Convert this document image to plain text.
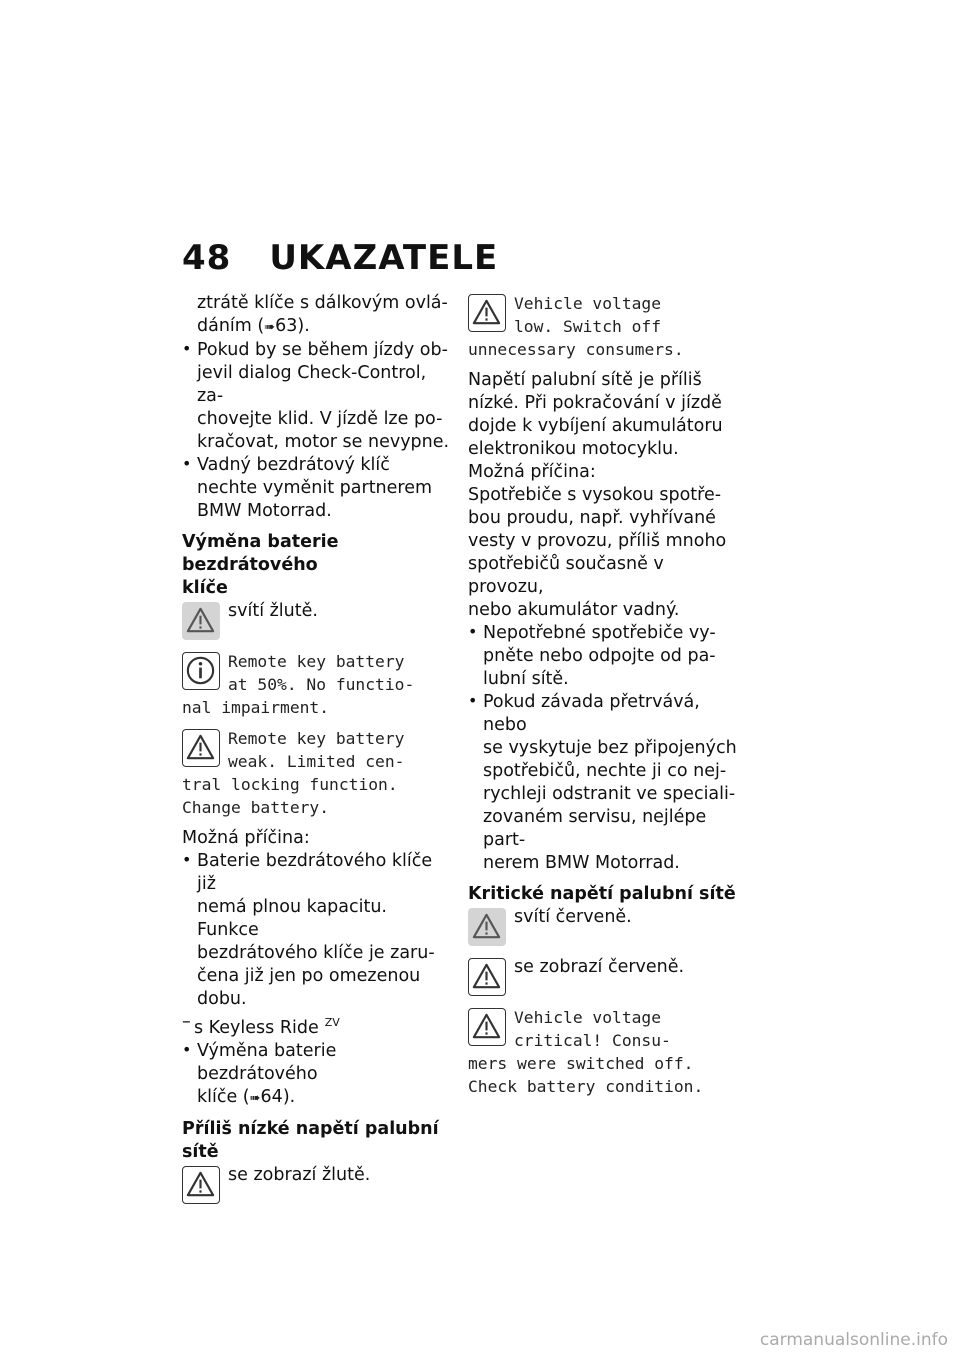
48 UKAZATELE

ztrátě klíče s dálkovým ovlá-

dáním (➠63).

• Pokud by se během jízdy ob-

jevil dialog Check-Control, za-

chovejte klid. V jízdě lze po-

kračovat, motor se nevypne.

• Vadný bezdrátový klíč

nechte vyměnit partnerem

BMW Motorrad.

Výměna baterie bezdrátového
klíče

svítí žlutě.

Remote key battery

at 50%. No functio-

nal impairment.

Remote key battery

weak. Limited cen-

tral locking function.

Change battery.

Možná příčina:

• Baterie bezdrátového klíče již

nemá plnou kapacitu. Funkce

bezdrátového klíče je zaru-

čena již jen po omezenou

dobu.

– s Keyless Ride $^{ZV}$

• Výměna baterie bezdrátového

klíče (➠64).

Příliš nízké napětí palubní sítě

se zobrazí žlutě.

Vehicle voltage

low. Switch off

unnecessary consumers.

Napětí palubní sítě je příliš

nízké. Při pokračování v jízdě

dojde k vybíjení akumulátoru

elektronikou motocyklu.

Možná příčina:

Spotřebiče s vysokou spotře-

bou proudu, např. vyhřívané

vesty v provozu, příliš mnoho

spotřebičů současně v provozu,

nebo akumulátor vadný.

• Nepotřebné spotřebiče vy-

pněte nebo odpojte od pa-

lubní sítě.

• Pokud závada přetrvává, nebo

se vyskytuje bez připojených

spotřebičů, nechte ji co nej-

rychleji odstranit ve speciali-

zovaném servisu, nejlépe part-

nerem BMW Motorrad.

Kritické napětí palubní sítě

svítí červeně.

se zobrazí červeně.

Vehicle voltage

critical! Consu-

mers were switched off.

Check battery condition.

carmanualsonline.info
